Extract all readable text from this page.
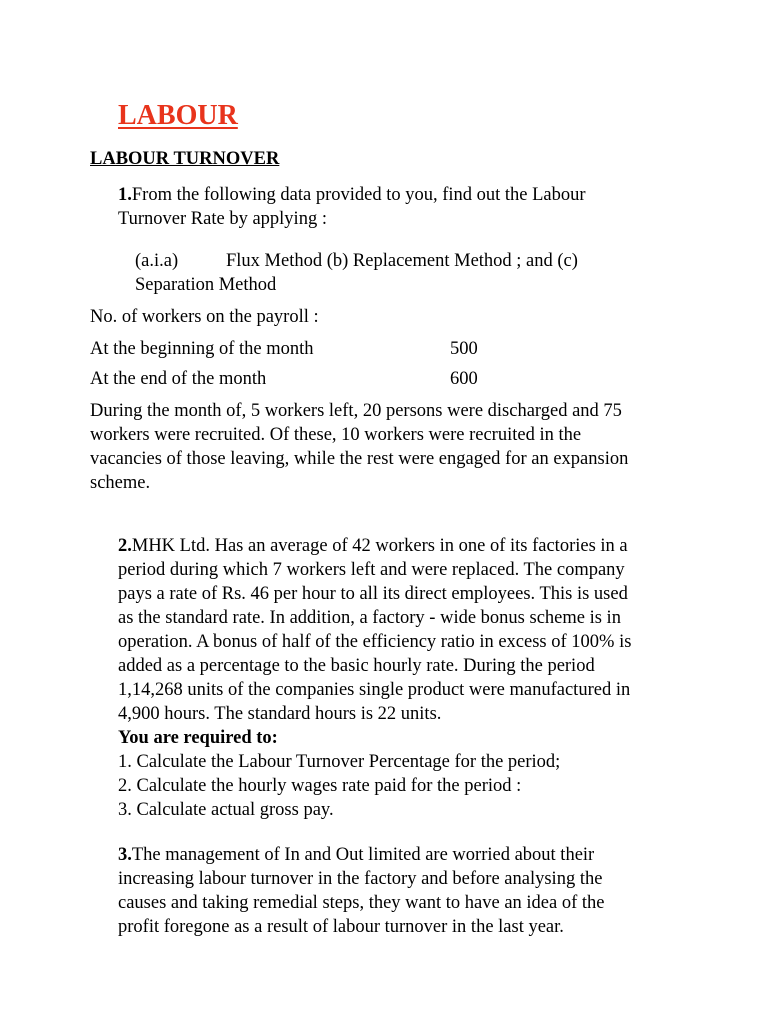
LABOUR
LABOUR TURNOVER
1.From the following data provided to you, find out the Labour
Turnover Rate by applying :
(a.i.a)	Flux Method (b) Replacement Method ; and (c)
Separation Method
No. of workers on the payroll :
At the beginning of the month	500
At the end of the month	600
During the month of, 5 workers left, 20 persons were discharged and 75
workers were recruited. Of these, 10 workers were recruited in the
vacancies of those leaving, while the rest were engaged for an expansion
scheme.
2.MHK Ltd. Has an average of 42 workers in one of its factories in a
period during which 7 workers left and were replaced. The company
pays a rate of Rs. 46 per hour to all its direct employees. This is used
as the standard rate. In addition, a factory - wide bonus scheme is in
operation. A bonus of half of the efficiency ratio in excess of 100% is
added as a percentage to the basic hourly rate. During the period
1,14,268 units of the companies single product were manufactured in
4,900 hours. The standard hours is 22 units.
You are required to:
1. Calculate the Labour Turnover Percentage for the period;
2. Calculate the hourly wages rate paid for the period :
3. Calculate actual gross pay.
3.The management of In and Out limited are worried about their
increasing labour turnover in the factory and before analysing the
causes and taking remedial steps, they want to have an idea of the
profit foregone as a result of labour turnover in the last year.
